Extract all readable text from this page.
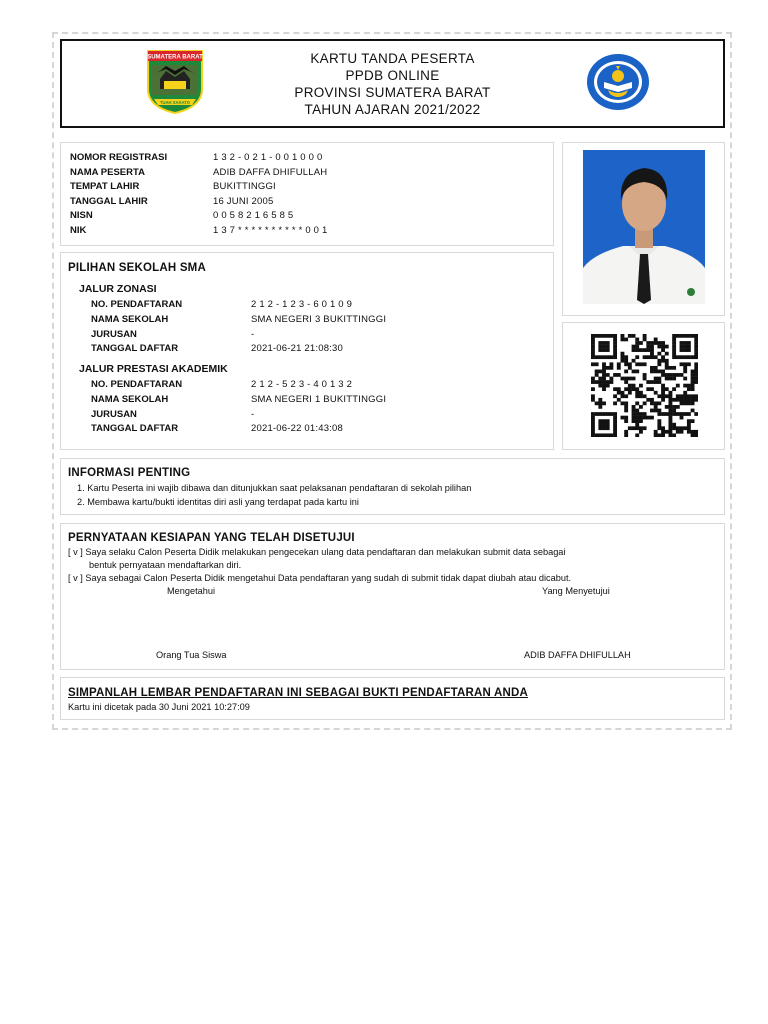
SUMATERA BARAT
TUAH SAKATO
KARTU TANDA PESERTA
PPDB ONLINE
PROVINSI SUMATERA BARAT
TAHUN AJARAN 2021/2022
NOMOR REGISTRASI	1 3 2 - 0 2 1 - 0 0 1 0 0 0
NAMA PESERTA	ADIB DAFFA DHIFULLAH
TEMPAT LAHIR	BUKITTINGGI
TANGGAL LAHIR	16 JUNI 2005
NISN	0 0 5 8 2 1 6 5 8 5
NIK	1 3 7 * * * * * * * * * * 0 0 1
PILIHAN SEKOLAH SMA
JALUR ZONASI
NO. PENDAFTARAN	2 1 2 - 1 2 3 - 6 0 1 0 9
NAMA SEKOLAH	SMA NEGERI 3 BUKITTINGGI
JURUSAN	-
TANGGAL DAFTAR	2021-06-21 21:08:30
JALUR PRESTASI AKADEMIK
NO. PENDAFTARAN	2 1 2 - 5 2 3 - 4 0 1 3 2
NAMA SEKOLAH	SMA NEGERI 1 BUKITTINGGI
JURUSAN	-
TANGGAL DAFTAR	2021-06-22 01:43:08
INFORMASI PENTING
1. Kartu Peserta ini wajib dibawa dan ditunjukkan saat pelaksanan pendaftaran di sekolah pilihan
2. Membawa kartu/bukti identitas diri asli yang terdapat pada kartu ini
PERNYATAAN KESIAPAN YANG TELAH DISETUJUI
[ v ] Saya selaku Calon Peserta Didik melakukan pengecekan ulang data pendaftaran dan melakukan submit data sebagai
bentuk pernyataan mendaftarkan diri.
[ v ] Saya sebagai Calon Peserta Didik mengetahui Data pendaftaran yang sudah di submit tidak dapat diubah atau dicabut.
Mengetahui	Yang Menyetujui
Orang Tua Siswa	ADIB DAFFA DHIFULLAH
SIMPANLAH LEMBAR PENDAFTARAN INI SEBAGAI BUKTI PENDAFTARAN ANDA
Kartu ini dicetak pada 30 Juni 2021 10:27:09
